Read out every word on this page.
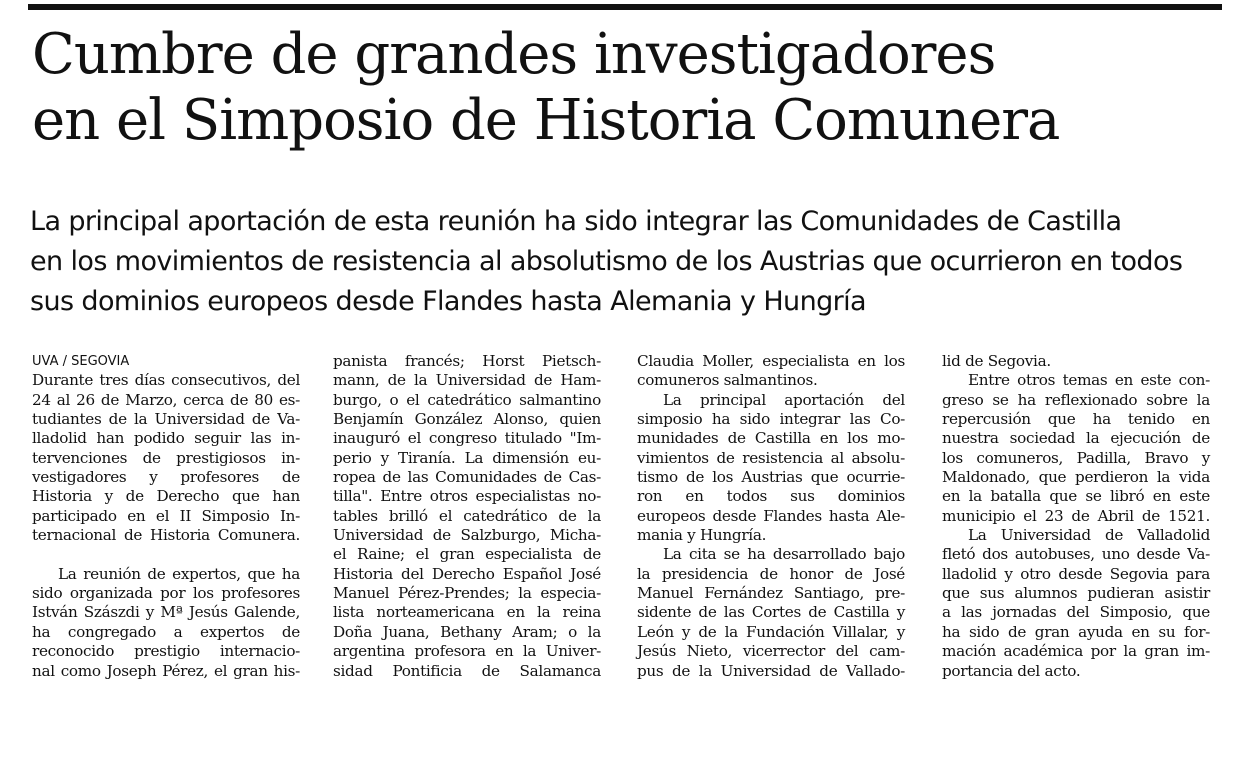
Cumbre de grandes investigadores
en el Simposio de Historia Comunera

La principal aportación de esta reunión ha sido integrar las Comunidades de Castilla
en los movimientos de resistencia al absolutismo de los Austrias que ocurrieron en todos
sus dominios europeos desde Flandes hasta Alemania y Hungría

UVA / SEGOVIA
Durante tres días consecutivos, del
24 al 26 de Marzo, cerca de 80 es-
tudiantes de la Universidad de Va-
lladolid han podido seguir las in-
tervenciones de prestigiosos in-
vestigadores y profesores de
Historia y de Derecho que han
participado en el II Simposio In-
ternacional de Historia Comunera.

La reunión de expertos, que ha
sido organizada por los profesores
István Szászdi y Mª Jesús Galende,
ha congregado a expertos de
reconocido prestigio internacio-
nal como Joseph Pérez, el gran his-
panista francés; Horst Pietsch-
mann, de la Universidad de Ham-
burgo, o el catedrático salmantino
Benjamín González Alonso, quien
inauguró el congreso titulado "Im-
perio y Tiranía. La dimensión eu-
ropea de las Comunidades de Cas-
tilla". Entre otros especialistas no-
tables brilló el catedrático de la
Universidad de Salzburgo, Micha-
el Raine; el gran especialista de
Historia del Derecho Español José
Manuel Pérez-Prendes; la especia-
lista norteamericana en la reina
Doña Juana, Bethany Aram; o la
argentina profesora en la Univer-
sidad Pontificia de Salamanca
Claudia Moller, especialista en los
comuneros salmantinos.
La principal aportación del
simposio ha sido integrar las Co-
munidades de Castilla en los mo-
vimientos de resistencia al absolu-
tismo de los Austrias que ocurrie-
ron en todos sus dominios
europeos desde Flandes hasta Ale-
mania y Hungría.
La cita se ha desarrollado bajo
la presidencia de honor de José
Manuel Fernández Santiago, pre-
sidente de las Cortes de Castilla y
León y de la Fundación Villalar, y
Jesús Nieto, vicerrector del cam-
pus de la Universidad de Vallado-
lid de Segovia.
Entre otros temas en este con-
greso se ha reflexionado sobre la
repercusión que ha tenido en
nuestra sociedad la ejecución de
los comuneros, Padilla, Bravo y
Maldonado, que perdieron la vida
en la batalla que se libró en este
municipio el 23 de Abril de 1521.
La Universidad de Valladolid
fletó dos autobuses, uno desde Va-
lladolid y otro desde Segovia para
que sus alumnos pudieran asistir
a las jornadas del Simposio, que
ha sido de gran ayuda en su for-
mación académica por la gran im-
portancia del acto.
